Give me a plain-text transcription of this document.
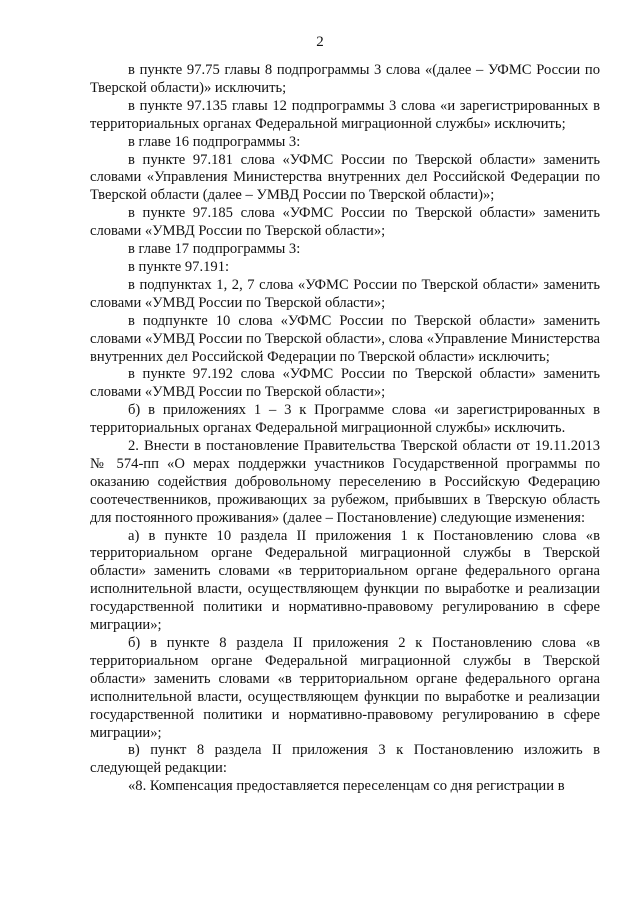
2

в пункте 97.75 главы 8 подпрограммы 3 слова «(далее – УФМС России по Тверской области)» исключить;

в пункте 97.135 главы 12 подпрограммы 3 слова «и зарегистрированных в территориальных органах Федеральной миграционной службы» исключить;

в главе 16 подпрограммы 3:

в пункте 97.181 слова «УФМС России по Тверской области» заменить словами «Управления Министерства внутренних дел Российской Федерации по Тверской области (далее – УМВД России по Тверской области)»;

в пункте 97.185 слова «УФМС России по Тверской области» заменить словами «УМВД России по Тверской области»;

в главе 17 подпрограммы 3:

в пункте 97.191:

в подпунктах 1, 2, 7 слова «УФМС России по Тверской области» заменить словами «УМВД России по Тверской области»;

в подпункте 10 слова «УФМС России по Тверской области» заменить словами «УМВД России по Тверской области», слова «Управление Министерства внутренних дел Российской Федерации по Тверской области» исключить;

в пункте 97.192 слова «УФМС России по Тверской области» заменить словами «УМВД России по Тверской области»;

б) в приложениях 1 – 3 к Программе слова «и зарегистрированных в территориальных органах Федеральной миграционной службы» исключить.

2. Внести в постановление Правительства Тверской области от 19.11.2013 № 574-пп «О мерах поддержки участников Государственной программы по оказанию содействия добровольному переселению в Российскую Федерацию соотечественников, проживающих за рубежом, прибывших в Тверскую область для постоянного проживания» (далее – Постановление) следующие изменения:

а) в пункте 10 раздела II приложения 1 к Постановлению слова «в территориальном органе Федеральной миграционной службы в Тверской области» заменить словами «в территориальном органе федерального органа исполнительной власти, осуществляющем функции по выработке и реализации государственной политики и нормативно-правовому регулированию в сфере миграции»;

б) в пункте 8 раздела II приложения 2 к Постановлению слова «в территориальном органе Федеральной миграционной службы в Тверской области» заменить словами «в территориальном органе федерального органа исполнительной власти, осуществляющем функции по выработке и реализации государственной политики и нормативно-правовому регулированию в сфере миграции»;

в) пункт 8 раздела II приложения 3 к Постановлению изложить в следующей редакции:

«8. Компенсация предоставляется переселенцам со дня регистрации в
